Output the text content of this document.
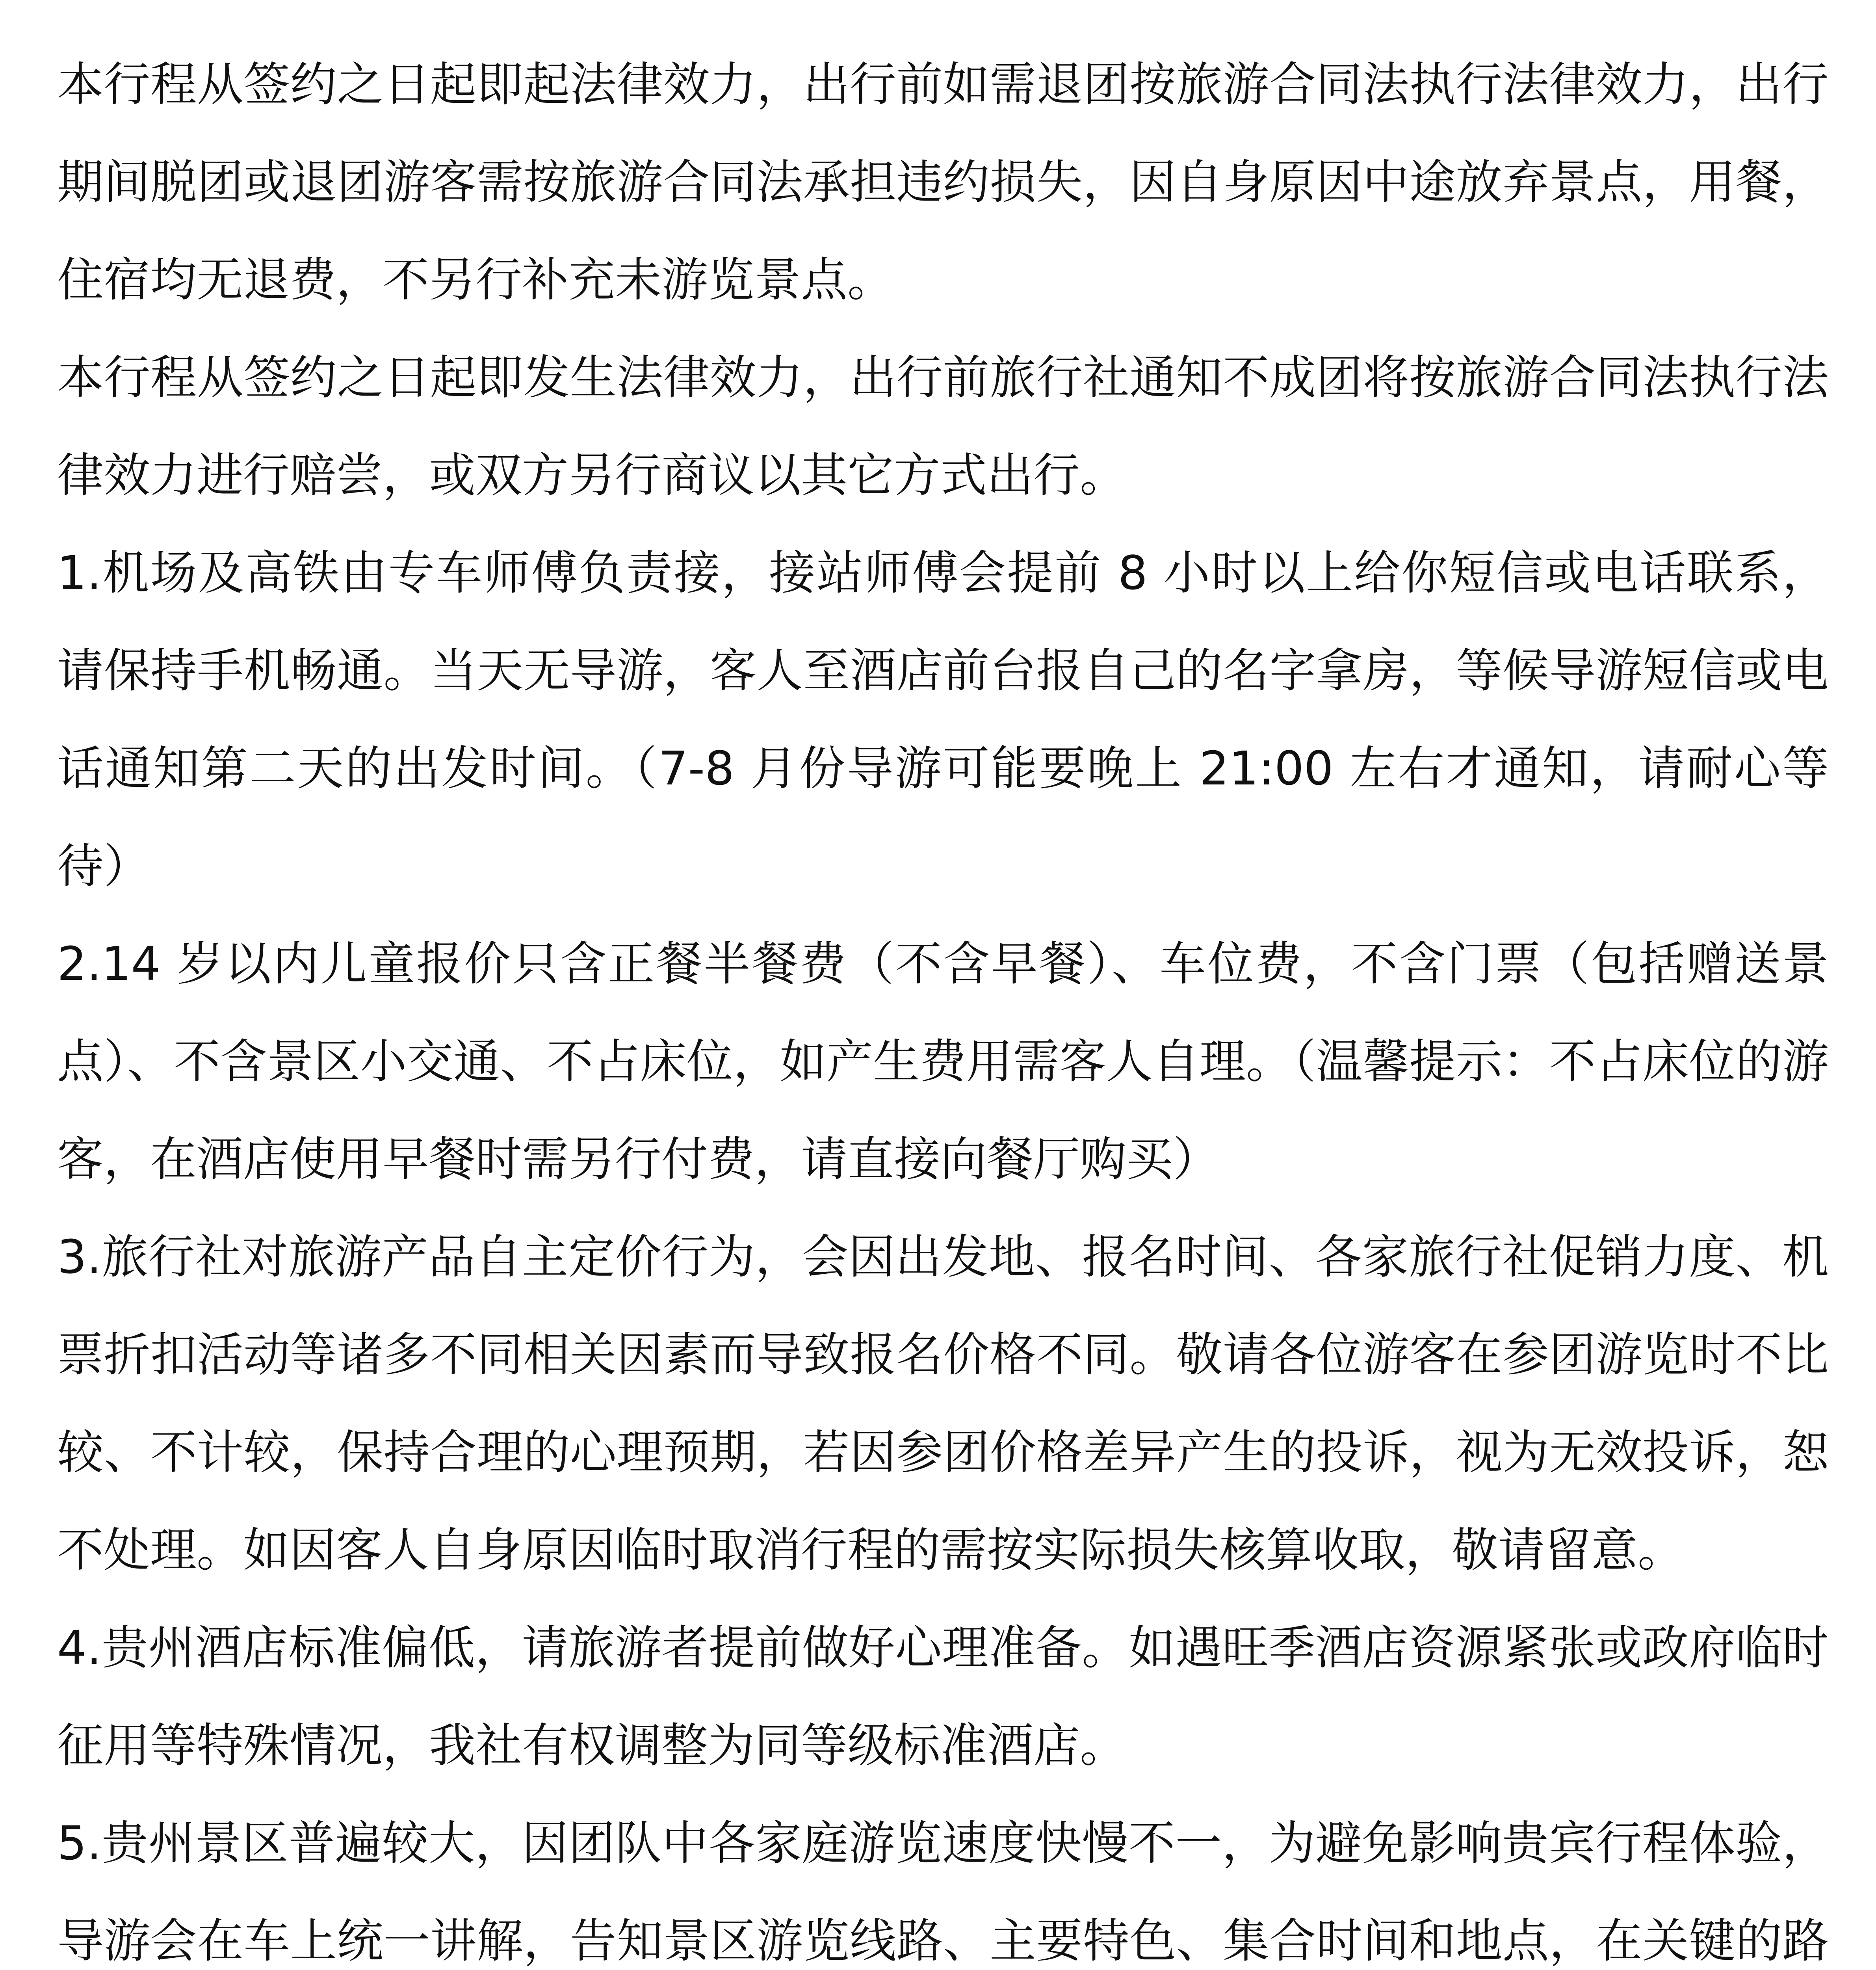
本行程从签约之日起即起法律效力，出行前如需退团按旅游合同法执行法律效力，出行期间脱团或退团游客需按旅游合同法承担违约损失，因自身原因中途放弃景点，用餐，住宿均无退费，不另行补充未游览景点。

本行程从签约之日起即发生法律效力，出行前旅行社通知不成团将按旅游合同法执行法律效力进行赔尝，或双方另行商议以其它方式出行。

1.机场及高铁由专车师傅负责接，接站师傅会提前 8 小时以上给你短信或电话联系，请保持手机畅通。当天无导游，客人至酒店前台报自己的名字拿房，等候导游短信或电话通知第二天的出发时间。（7-8 月份导游可能要晚上 21:00 左右才通知，请耐心等待）

2.14 岁以内儿童报价只含正餐半餐费（不含早餐）、车位费，不含门票（包括赠送景点）、不含景区小交通、不占床位，如产生费用需客人自理。（温馨提示：不占床位的游客，在酒店使用早餐时需另行付费，请直接向餐厅购买）

3.旅行社对旅游产品自主定价行为，会因出发地、报名时间、各家旅行社促销力度、机票折扣活动等诸多不同相关因素而导致报名价格不同。敬请各位游客在参团游览时不比较、不计较，保持合理的心理预期，若因参团价格差异产生的投诉，视为无效投诉，恕不处理。如因客人自身原因临时取消行程的需按实际损失核算收取，敬请留意。

4.贵州酒店标准偏低，请旅游者提前做好心理准备。如遇旺季酒店资源紧张或政府临时征用等特殊情况，我社有权调整为同等级标准酒店。

5.贵州景区普遍较大，因团队中各家庭游览速度快慢不一，为避免影响贵宾行程体验，导游会在车上统一讲解，告知景区游览线路、主要特色、集合时间和地点，在关键的路
